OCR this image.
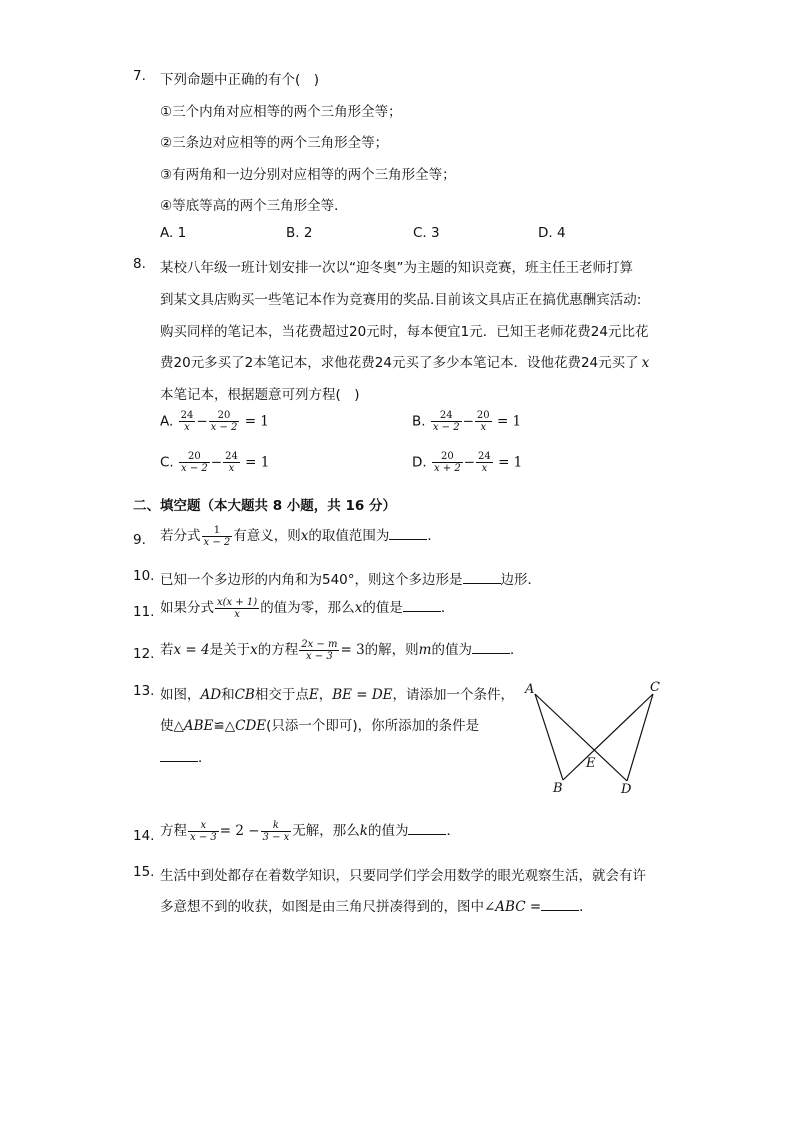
7. 下列命题中正确的有个(　)
①三个内角对应相等的两个三角形全等；
②三条边对应相等的两个三角形全等；
③有两角和一边分别对应相等的两个三角形全等；
④等底等高的两个三角形全等．
A. 1	B. 2	C. 3	D. 4
8. 某校八年级一班计划安排一次以“迎冬奥”为主题的知识竞赛，班主任王老师打算
到某文具店购买一些笔记本作为竞赛用的奖品.目前该文具店正在搞优惠酬宾活动:
购买同样的笔记本，当花费超过20元时，每本便宜1元．已知王老师花费24元比花
费20元多买了2本笔记本，求他花费24元买了多少本笔记本．设他花费24元买了 x
本笔记本，根据题意可列方程(　)
A. $\frac{24}{x} - \frac{20}{x - 2} = 1$	B. $\frac{24}{x - 2} - \frac{20}{x} = 1$
C. $\frac{20}{x - 2} - \frac{24}{x} = 1$	D. $\frac{20}{x + 2} - \frac{24}{x} = 1$
二、填空题（本大题共 8 小题，共 16 分）
9. 若分式 $\frac{1}{x - 2}$ 有意义，则x的取值范围为	．
10. 已知一个多边形的内角和为540°，则这个多边形是	边形．
11. 如果分式 $\frac{x(x + 1)}{x}$ 的值为零，那么x的值是	．
12. 若x = 4是关于x的方程 $\frac{2x - m}{x - 3} = 3$的解，则m的值为	．
13. 如图，AD和CB相交于点E，BE = DE，请添加一个条件，
使△ABE≌△CDE(只添一个即可)，你所添加的条件是
．
A	C
B	D
E
14. 方程 $\frac{x}{x - 3} = 2 - \frac{k}{3 - x}$ 无解，那么k的值为	．
15. 生活中到处都存在着数学知识，只要同学们学会用数学的眼光观察生活，就会有许
多意想不到的收获，如图是由三角尺拼凑得到的，图中∠ABC =	．
